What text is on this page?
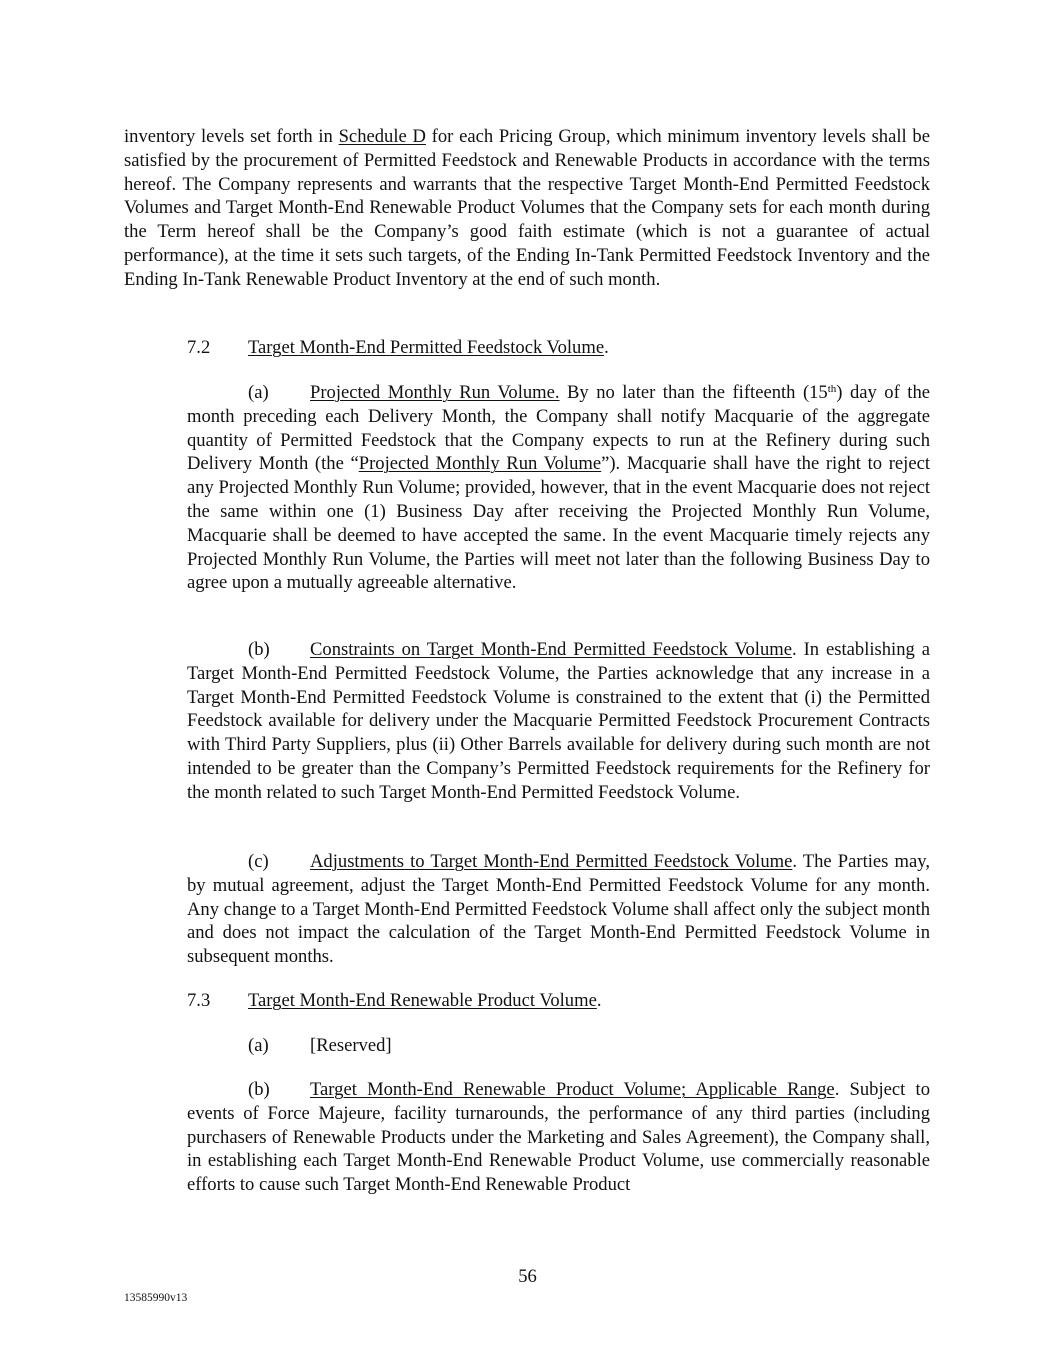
inventory levels set forth in Schedule D for each Pricing Group, which minimum inventory levels shall be satisfied by the procurement of Permitted Feedstock and Renewable Products in accordance with the terms hereof. The Company represents and warrants that the respective Target Month-End Permitted Feedstock Volumes and Target Month-End Renewable Product Volumes that the Company sets for each month during the Term hereof shall be the Company’s good faith estimate (which is not a guarantee of actual performance), at the time it sets such targets, of the Ending In-Tank Permitted Feedstock Inventory and the Ending In-Tank Renewable Product Inventory at the end of such month.

7.2 Target Month-End Permitted Feedstock Volume.

(a) Projected Monthly Run Volume. By no later than the fifteenth (15th) day of the month preceding each Delivery Month, the Company shall notify Macquarie of the aggregate quantity of Permitted Feedstock that the Company expects to run at the Refinery during such Delivery Month (the “Projected Monthly Run Volume”). Macquarie shall have the right to reject any Projected Monthly Run Volume; provided, however, that in the event Macquarie does not reject the same within one (1) Business Day after receiving the Projected Monthly Run Volume, Macquarie shall be deemed to have accepted the same. In the event Macquarie timely rejects any Projected Monthly Run Volume, the Parties will meet not later than the following Business Day to agree upon a mutually agreeable alternative.

(b) Constraints on Target Month-End Permitted Feedstock Volume. In establishing a Target Month-End Permitted Feedstock Volume, the Parties acknowledge that any increase in a Target Month-End Permitted Feedstock Volume is constrained to the extent that (i) the Permitted Feedstock available for delivery under the Macquarie Permitted Feedstock Procurement Contracts with Third Party Suppliers, plus (ii) Other Barrels available for delivery during such month are not intended to be greater than the Company’s Permitted Feedstock requirements for the Refinery for the month related to such Target Month-End Permitted Feedstock Volume.

(c) Adjustments to Target Month-End Permitted Feedstock Volume. The Parties may, by mutual agreement, adjust the Target Month-End Permitted Feedstock Volume for any month. Any change to a Target Month-End Permitted Feedstock Volume shall affect only the subject month and does not impact the calculation of the Target Month-End Permitted Feedstock Volume in subsequent months.

7.3 Target Month-End Renewable Product Volume.

(a) [Reserved]

(b) Target Month-End Renewable Product Volume; Applicable Range. Subject to events of Force Majeure, facility turnarounds, the performance of any third parties (including purchasers of Renewable Products under the Marketing and Sales Agreement), the Company shall, in establishing each Target Month-End Renewable Product Volume, use commercially reasonable efforts to cause such Target Month-End Renewable Product

56
13585990v13
